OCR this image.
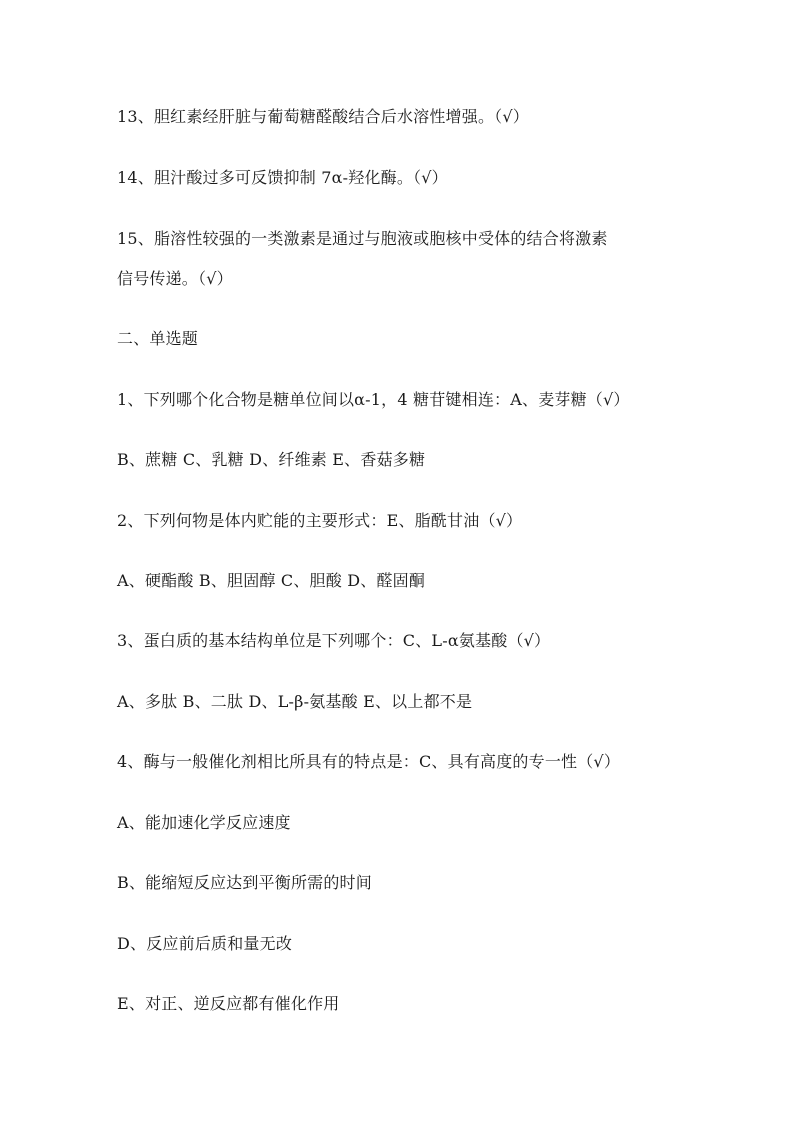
13、胆红素经肝脏与葡萄糖醛酸结合后水溶性增强。（√）
14、胆汁酸过多可反馈抑制 7α-羟化酶。（√）
15、脂溶性较强的一类激素是通过与胞液或胞核中受体的结合将激素
信号传递。（√）
二、单选题
1、下列哪个化合物是糖单位间以α-1，4 糖苷键相连：A、麦芽糖（√）
B、蔗糖 C、乳糖 D、纤维素 E、香菇多糖
2、下列何物是体内贮能的主要形式：E、脂酰甘油（√）
A、硬酯酸 B、胆固醇 C、胆酸 D、醛固酮
3、蛋白质的基本结构单位是下列哪个：C、L-α氨基酸（√）
A、多肽 B、二肽 D、L-β-氨基酸 E、以上都不是
4、酶与一般催化剂相比所具有的特点是：C、具有高度的专一性（√）
A、能加速化学反应速度
B、能缩短反应达到平衡所需的时间
D、反应前后质和量无改
E、对正、逆反应都有催化作用
